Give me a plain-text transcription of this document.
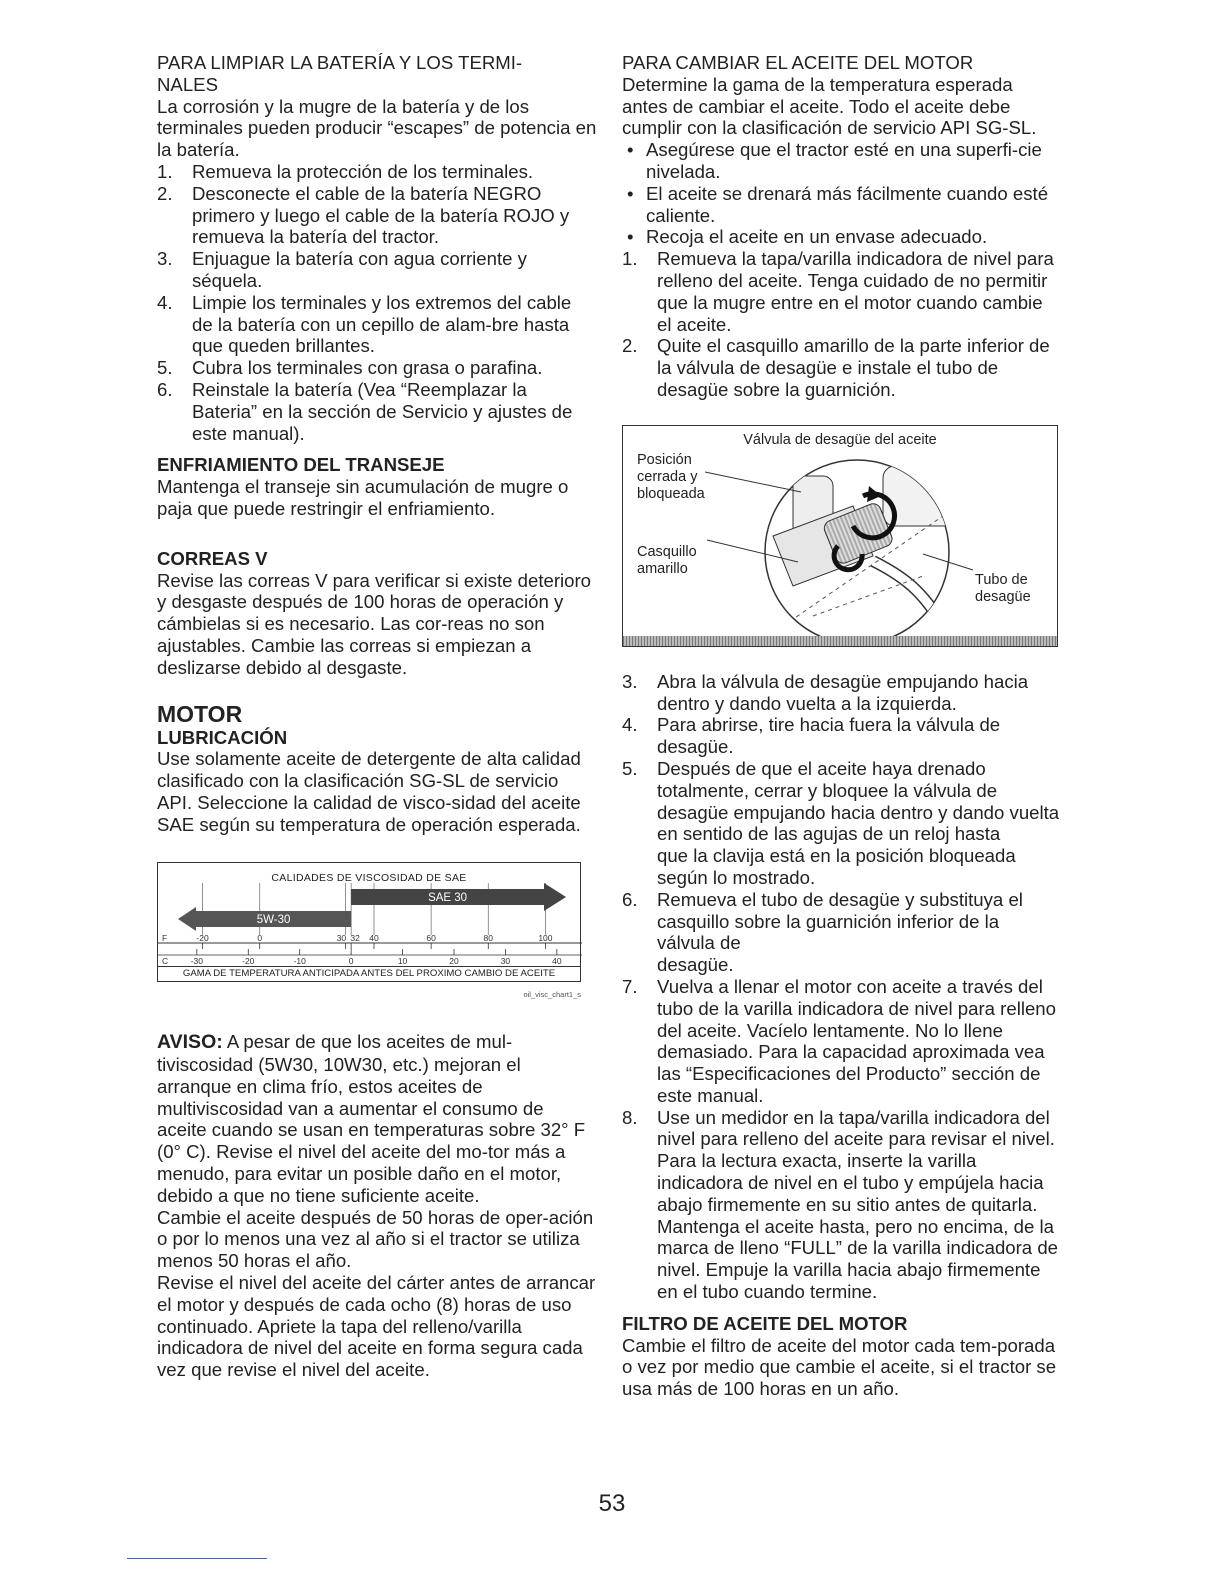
PARA LIMPIAR LA BATERÍA Y LOS TERMI-
NALES

La corrosión y la mugre de la batería y de los terminales pueden producir “escapes” de potencia en la batería.

1. Remueva la protección de los terminales.
2. Desconecte el cable de la batería NEGRO primero y luego el cable de la batería ROJO y remueva la batería del tractor.
3. Enjuague la batería con agua corriente y séquela.
4. Limpie los terminales y los extremos del cable de la batería con un cepillo de alam-bre hasta que queden brillantes.
5. Cubra los terminales con grasa o parafina.
6. Reinstale la batería (Vea “Reemplazar la Bateria” en la sección de Servicio y ajustes de este manual).
ENFRIAMIENTO DEL TRANSEJE

Mantenga el transeje sin acumulación de mugre o paja que puede restringir el enfriamiento.

CORREAS V

Revise las correas V para verificar si existe deterioro y desgaste después de 100 horas de operación y cámbielas si es necesario. Las cor-reas no son ajustables. Cambie las correas si empiezan a deslizarse debido al desgaste.

MOTOR
LUBRICACIÓN

Use solamente aceite de detergente de alta calidad clasificado con la clasificación SG-SL de servicio API. Seleccione la calidad de visco-sidad del aceite SAE según su temperatura de operación esperada.

CALIDADES DE VISCOSIDAD DE SAE
5W-30
SAE 30
F
C
-20	0	30 32 40	60	80	100
-30	-20	-10	0	10	20	30	40
GAMA DE TEMPERATURA ANTICIPADA ANTES DEL PROXIMO CAMBIO DE ACEITE
oil_visc_chart1_s

AVISO: A pesar de que los aceites de mul-tiviscosidad (5W30, 10W30, etc.) mejoran el arranque en clima frío, estos aceites de multiviscosidad van a aumentar el consumo de aceite cuando se usan en temperaturas sobre 32° F (0° C). Revise el nivel del aceite del mo-tor más a menudo, para evitar un posible daño en el motor, debido a que no tiene suficiente aceite.

Cambie el aceite después de 50 horas de oper-ación o por lo menos una vez al año si el tractor se utiliza menos 50 horas el año.

Revise el nivel del aceite del cárter antes de arrancar el motor y después de cada ocho (8) horas de uso continuado. Apriete la tapa del relleno/varilla indicadora de nivel del aceite en forma segura cada vez que revise el nivel del aceite.

PARA CAMBIAR EL ACEITE DEL MOTOR

Determine la gama de la temperatura esperada antes de cambiar el aceite. Todo el aceite debe cumplir con la clasificación de servicio API SG-SL.

• Asegúrese que el tractor esté en una superfi-cie nivelada.
• El aceite se drenará más fácilmente cuando esté caliente.
• Recoja el aceite en un envase adecuado.
1. Remueva la tapa/varilla indicadora de nivel para relleno del aceite. Tenga cuidado de no permitir que la mugre entre en el motor cuando cambie el aceite.
2. Quite el casquillo amarillo de la parte inferior de la válvula de desagüe e instale el tubo de desagüe sobre la guarnición.
Válvula de desagüe del aceite
Posición
cerrada y
bloqueada
Casquillo
amarillo
Tubo de
desagüe
3. Abra la válvula de desagüe empujando hacia dentro y dando vuelta a la izquierda.
4. Para abrirse, tire hacia fuera la válvula de desagüe.
5. Después de que el aceite haya drenado totalmente, cerrar y bloquee la válvula de desagüe empujando hacia dentro y dando vuelta en sentido de las agujas de un reloj hasta
que la clavija está en la posición bloqueada según lo mostrado.
6. Remueva el tubo de desagüe y substituya el casquillo sobre la guarnición inferior de la válvula de
desagüe.
7. Vuelva a llenar el motor con aceite a través del tubo de la varilla indicadora de nivel para relleno del aceite. Vacíelo lentamente. No lo llene demasiado. Para la capacidad aproximada vea las “Especificaciones del Producto” sección de este manual.
8. Use un medidor en la tapa/varilla indicadora del nivel para relleno del aceite para revisar el nivel. Para la lectura exacta, inserte la varilla indicadora de nivel en el tubo y empújela hacia abajo firmemente en su sitio antes de quitarla. Mantenga el aceite hasta, pero no encima, de la marca de lleno “FULL” de la varilla indicadora de nivel. Empuje la varilla hacia abajo firmemente en el tubo cuando termine.
FILTRO DE ACEITE DEL MOTOR

Cambie el filtro de aceite del motor cada tem-porada o vez por medio que cambie el aceite, si el tractor se usa más de 100 horas en un año.

53
